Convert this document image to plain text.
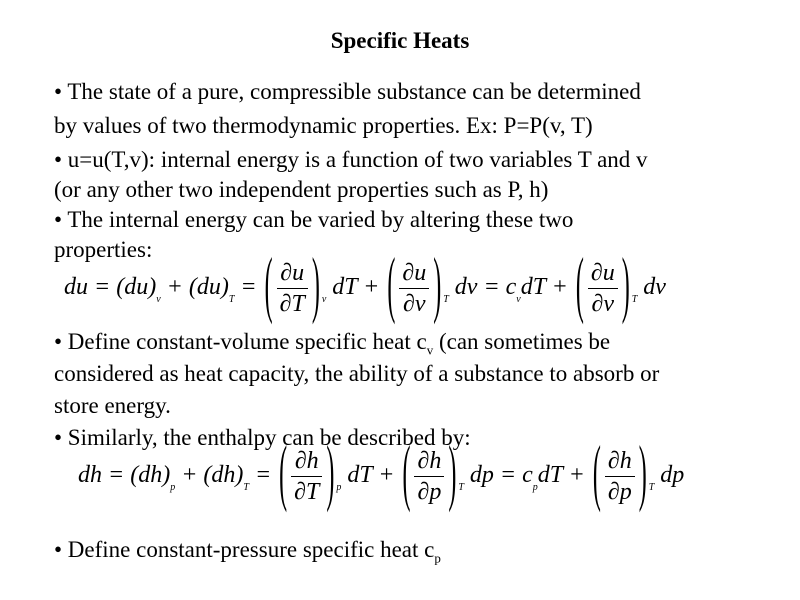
Specific Heats
• The state of a pure, compressible substance can be determined
by values of two thermodynamic properties. Ex: P=P(v, T)
• u=u(T,v): internal energy is a function of two variables T and v
(or any other two independent properties such as P, h)
• The internal energy can be varied by altering these two
properties:
du = $(du)_v + (du)_T$ = ( $\frac{\partial u}{\partial T}$ ) $_v$ dT + ( $\frac{\partial u}{\partial v}$ ) $_T$ dv = $c_vdT$ + ( $\frac{\partial u}{\partial v}$ ) $_T$ dv
• Define constant-volume specific heat $c_v$ (can sometimes be
considered as heat capacity, the ability of a substance to absorb or
store energy.
• Similarly, the enthalpy can be described by:
dh = $(dh)_p + (dh)_T$ = ( $\frac{\partial h}{\partial T}$ ) $_p$ dT + ( $\frac{\partial h}{\partial p}$ ) $_T$ dp = $c_pdT$ + ( $\frac{\partial h}{\partial p}$ ) $_T$ dp
• Define constant-pressure specific heat $c_p$
